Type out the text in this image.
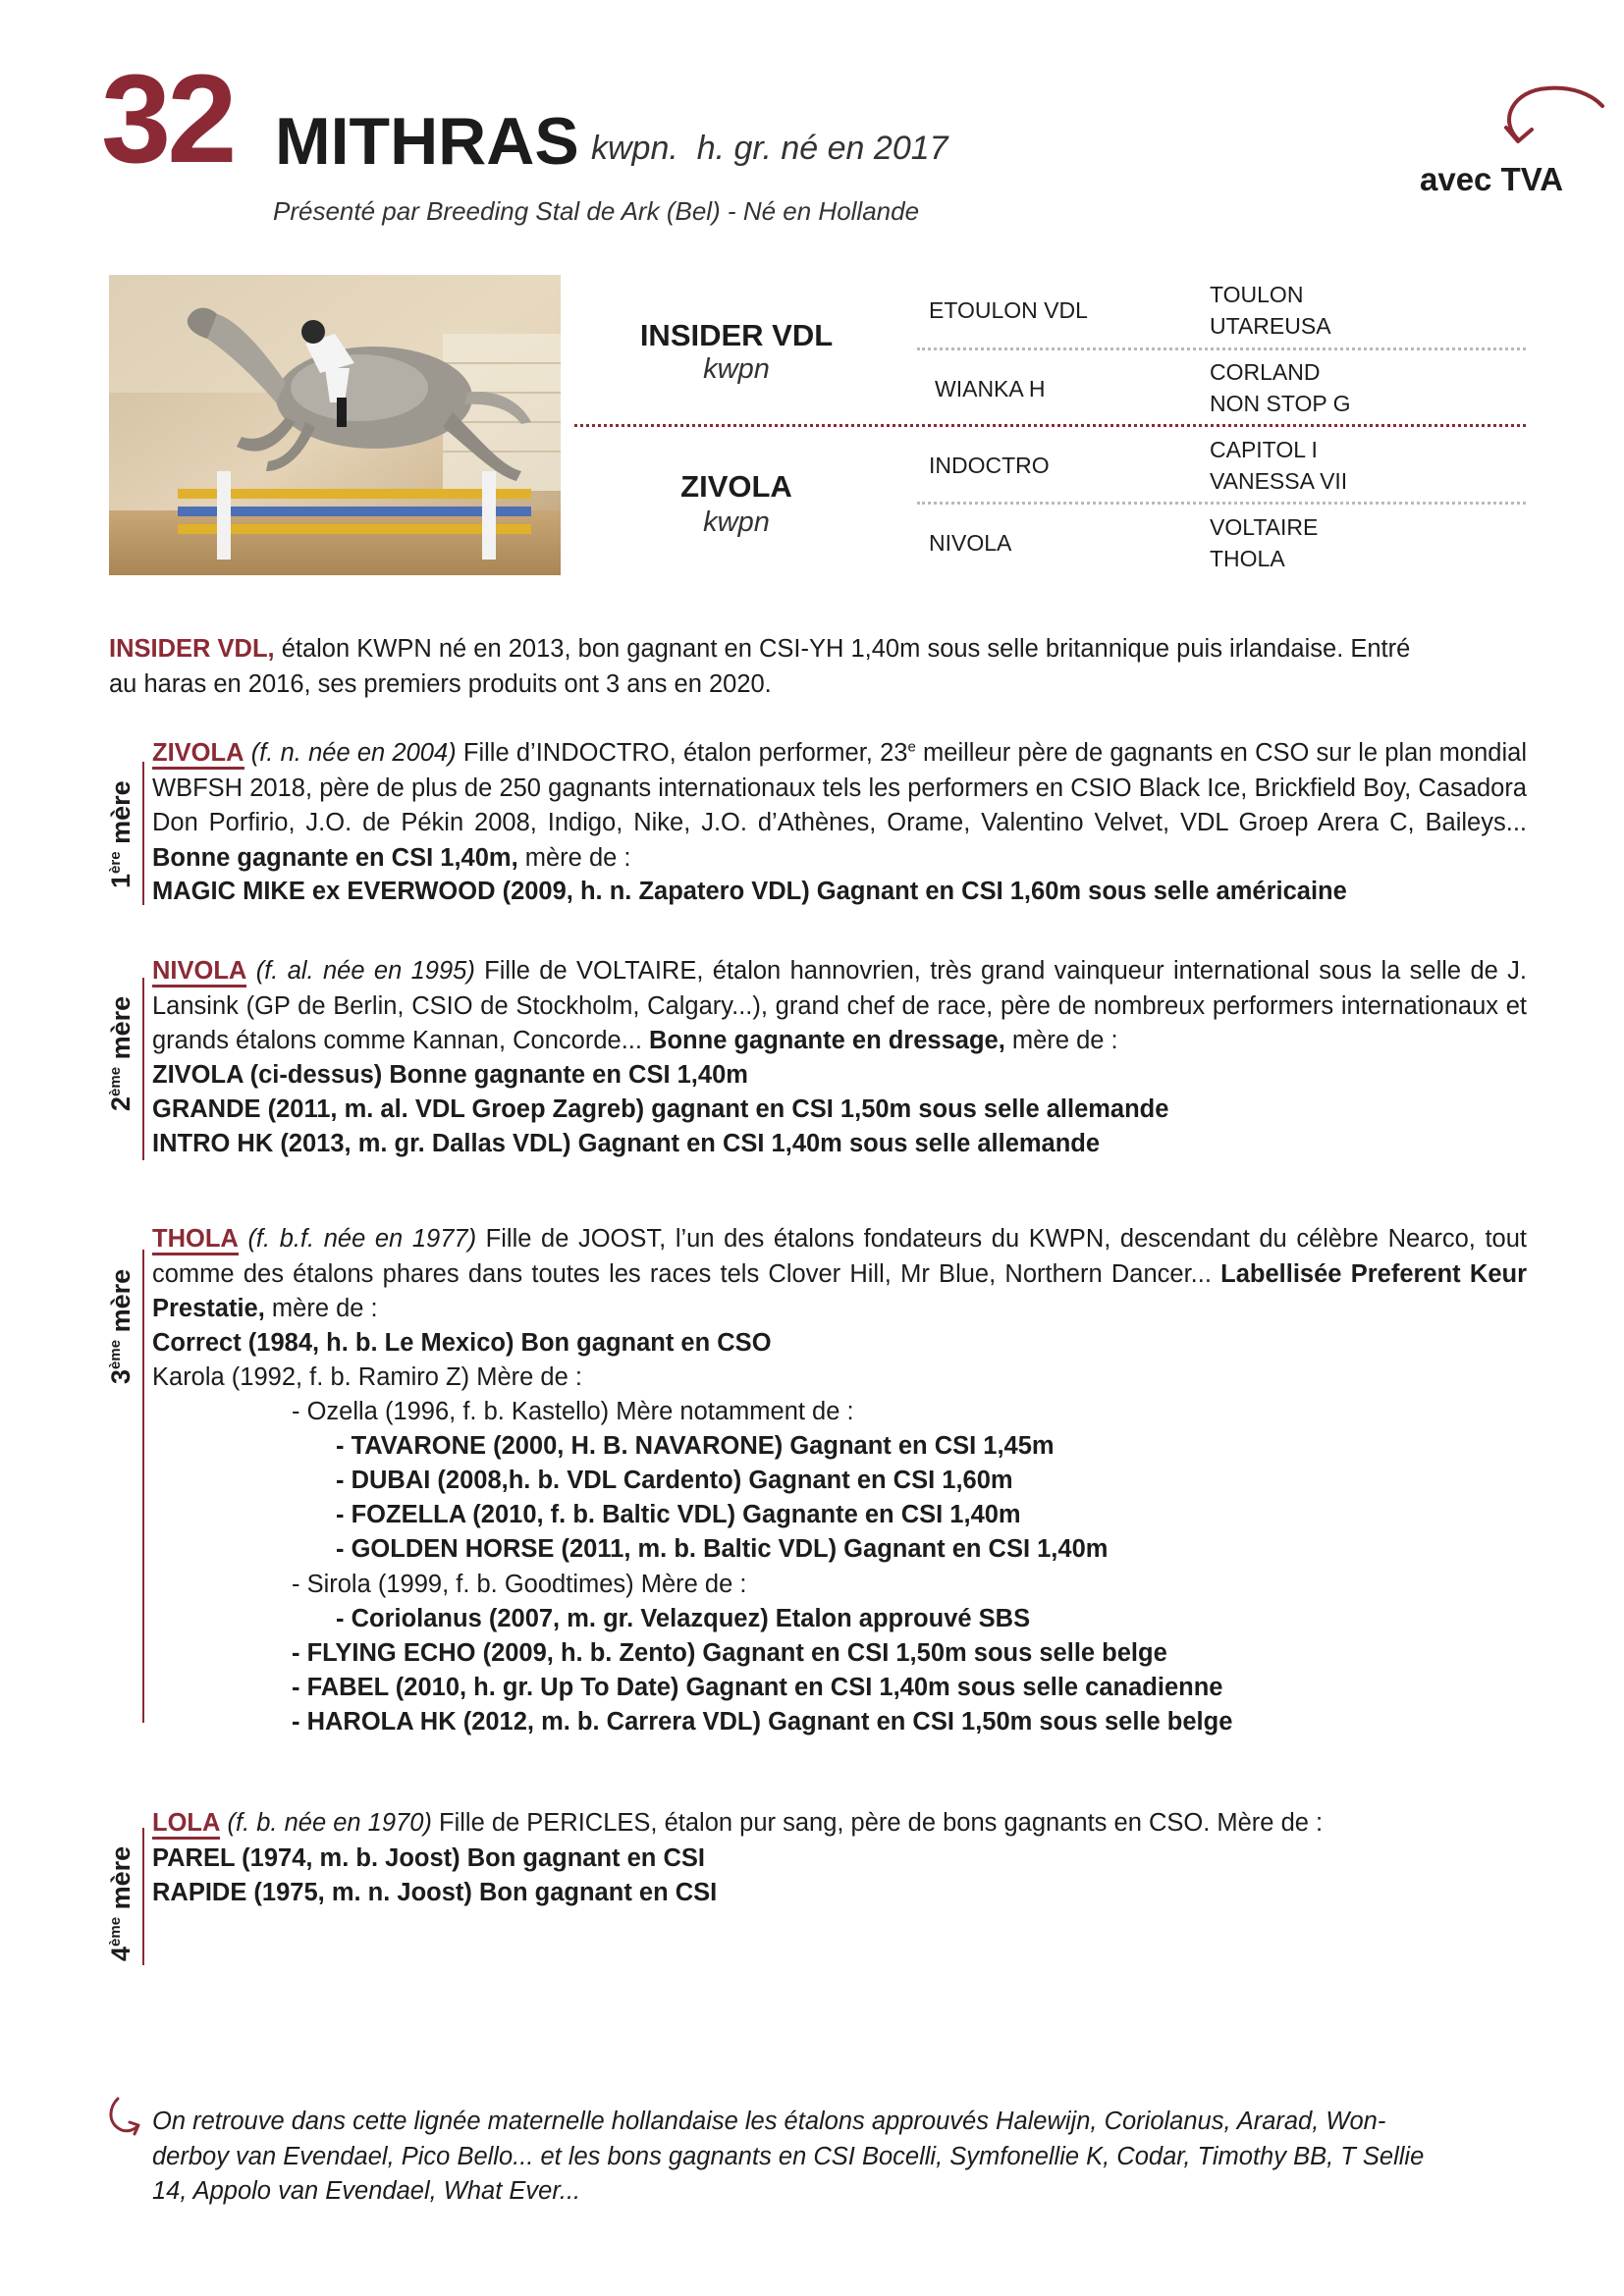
32 MITHRAS kwpn.  h. gr. né en 2017
Présenté par Breeding Stal de Ark (Bel) - Né en Hollande
avec TVA
INSIDER VDL
kwpn
ZIVOLA
kwpn
ETOULON VDL
WIANKA H
INDOCTRO
NIVOLA
TOULON
UTAREUSA
CORLAND
NON STOP G
CAPITOL I
VANESSA VII
VOLTAIRE
THOLA
INSIDER VDL, étalon KWPN né en 2013, bon gagnant en CSI-YH 1,40m sous selle britannique puis irlandaise. Entré
au haras en 2016, ses premiers produits ont 3 ans en 2020.
1ère mère
ZIVOLA (f. n. née en 2004) Fille d’INDOCTRO, étalon performer, 23e meilleur père de gagnants en CSO sur le plan mondial WBFSH 2018, père de plus de 250 gagnants internationaux tels les performers en CSIO Black Ice, Brickfield Boy, Casadora Don Porfirio, J.O. de Pékin 2008, Indigo, Nike, J.O. d’Athènes, Orame, Valentino Velvet, VDL Groep Arera C, Baileys... Bonne gagnante en CSI 1,40m, mère de :
MAGIC MIKE ex EVERWOOD (2009, h. n. Zapatero VDL) Gagnant en CSI 1,60m sous selle américaine
2ème mère
NIVOLA (f. al. née en 1995) Fille de VOLTAIRE, étalon hannovrien, très grand vainqueur international sous la selle de J. Lansink (GP de Berlin, CSIO de Stockholm, Calgary...), grand chef de race, père de nombreux performers internationaux et grands étalons comme Kannan, Concorde... Bonne gagnante en dressage, mère de :
ZIVOLA (ci-dessus) Bonne gagnante en CSI 1,40m
GRANDE (2011, m. al. VDL Groep Zagreb) gagnant en CSI 1,50m sous selle allemande
INTRO HK (2013, m. gr. Dallas VDL) Gagnant en CSI 1,40m sous selle allemande
3ème mère
THOLA (f. b.f. née en 1977) Fille de JOOST, l’un des étalons fondateurs du KWPN, descendant du célèbre Nearco, tout comme des étalons phares dans toutes les races tels Clover Hill, Mr Blue, Northern Dancer... Labellisée Preferent Keur Prestatie, mère de :
Correct (1984, h. b. Le Mexico) Bon gagnant en CSO
Karola (1992, f. b. Ramiro Z) Mère de :
- Ozella (1996, f. b. Kastello) Mère notamment de :
- TAVARONE (2000, H. B. NAVARONE) Gagnant en CSI 1,45m
- DUBAI (2008,h. b. VDL Cardento) Gagnant en CSI 1,60m
- FOZELLA (2010, f. b. Baltic VDL) Gagnante en CSI 1,40m
- GOLDEN HORSE (2011, m. b. Baltic VDL) Gagnant en CSI 1,40m
- Sirola (1999, f. b. Goodtimes) Mère de :
- Coriolanus (2007, m. gr. Velazquez) Etalon approuvé SBS
- FLYING ECHO (2009, h. b. Zento) Gagnant en CSI 1,50m sous selle belge
- FABEL (2010, h. gr. Up To Date) Gagnant en CSI 1,40m sous selle canadienne
- HAROLA HK (2012, m. b. Carrera VDL) Gagnant en CSI 1,50m sous selle belge
4ème mère
LOLA (f. b. née en 1970) Fille de PERICLES, étalon pur sang, père de bons gagnants en CSO. Mère de :
PAREL (1974, m. b. Joost) Bon gagnant en CSI
RAPIDE (1975, m. n. Joost) Bon gagnant en CSI
On retrouve dans cette lignée maternelle hollandaise les étalons approuvés Halewijn, Coriolanus, Ararad, Won-
derboy van Evendael, Pico Bello... et les bons gagnants en CSI Bocelli, Symfonellie K, Codar, Timothy BB, T Sellie
14, Appolo van Evendael, What Ever...
